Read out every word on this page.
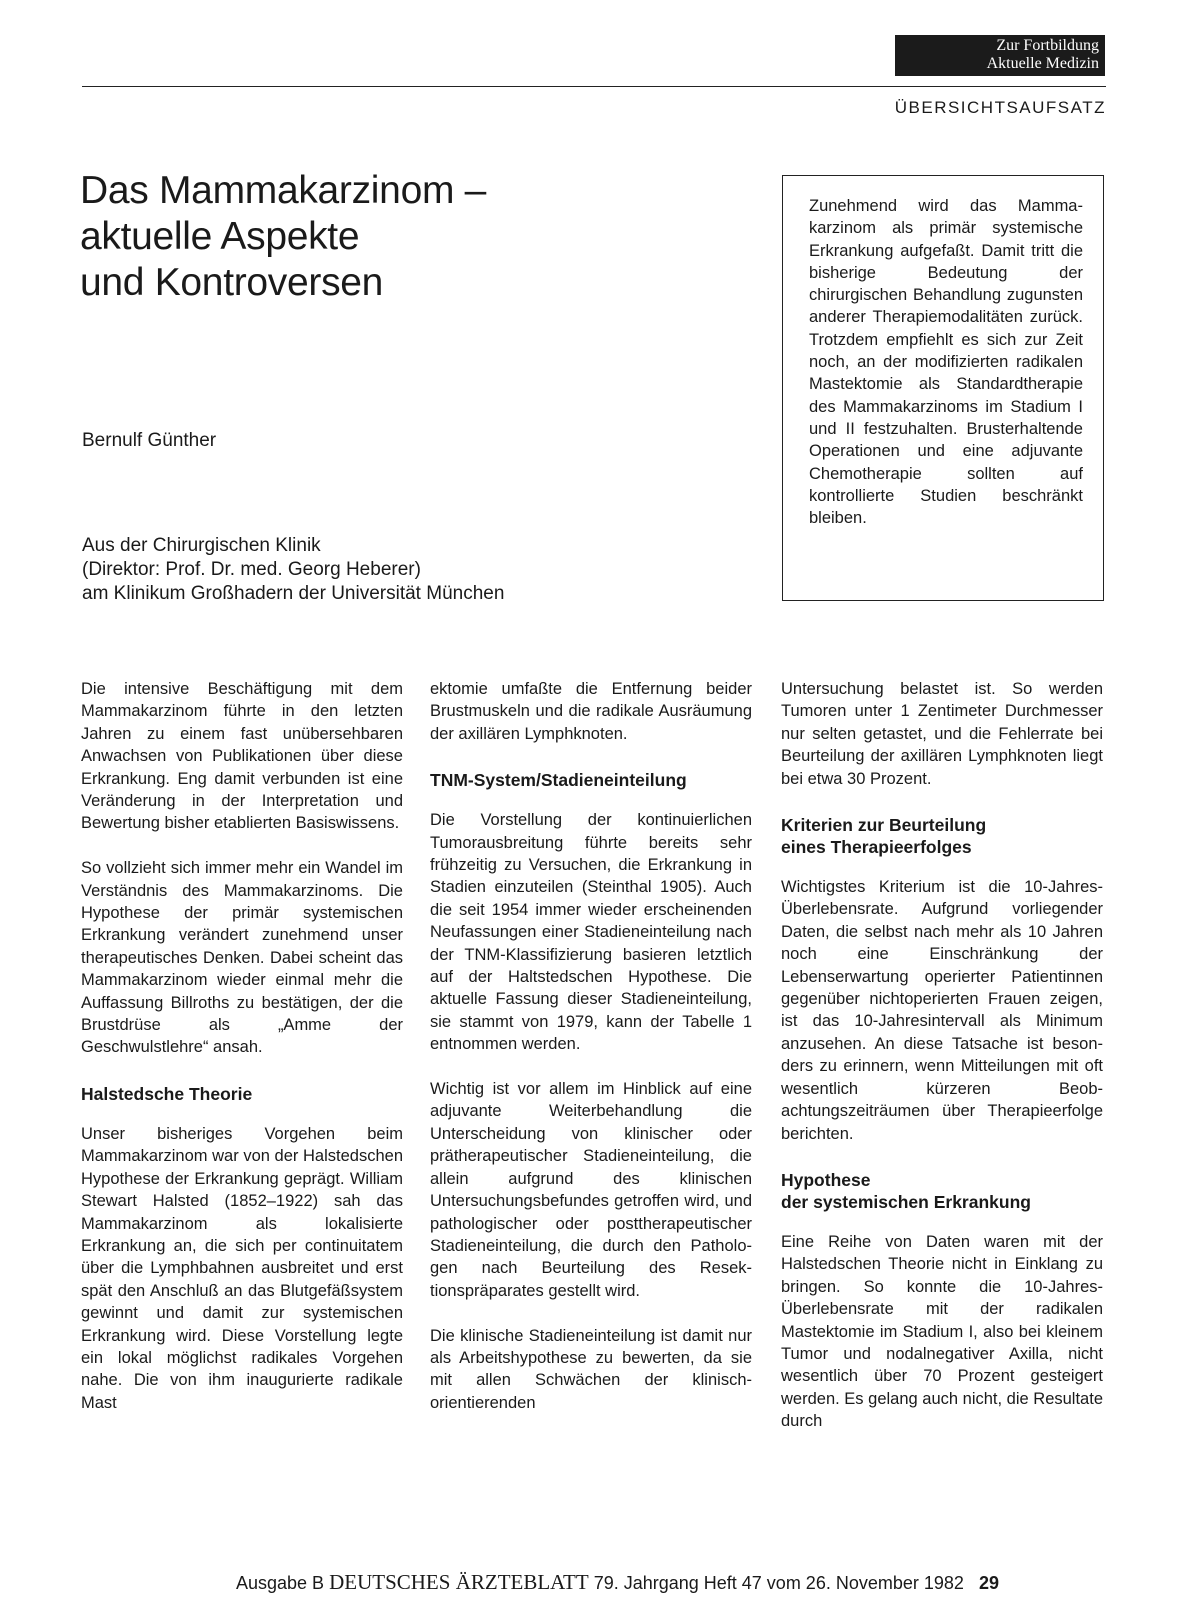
Zur Fortbildung
Aktuelle Medizin
ÜBERSICHTSAUFSATZ
Das Mammakarzinom –
aktuelle Aspekte
und Kontroversen
Bernulf Günther
Aus der Chirurgischen Klinik
(Direktor: Prof. Dr. med. Georg Heberer)
am Klinikum Großhadern der Universität München

Zunehmend wird das Mammakarzinom als primär systemische Erkrankung aufgefaßt. Damit tritt die bisherige Bedeutung der chirurgischen Behandlung zugunsten anderer Therapiemodalitäten zurück. Trotzdem empfiehlt es sich zur Zeit noch, an der modifizierten radikalen Mastektomie als Standardtherapie des Mammakarzinoms im Stadium I und II festzuhalten. Brusterhaltende Operationen und eine adjuvante Chemotherapie sollten auf kontrollierte Studien beschränkt bleiben.

Die intensive Beschäftigung mit dem Mammakarzinom führte in den letzten Jahren zu einem fast unübersehbaren Anwachsen von Publikationen über diese Erkrankung. Eng damit verbunden ist eine Veränderung in der Interpretation und Bewertung bisher etablierten Basiswissens.

So vollzieht sich immer mehr ein Wandel im Verständnis des Mammakarzinoms. Die Hypothese der primär systemischen Erkrankung verändert zunehmend unser therapeutisches Denken. Dabei scheint das Mammakarzinom wieder einmal mehr die Auffassung Billroths zu bestätigen, der die Brustdrüse als „Amme der Geschwulstlehre“ ansah.

Halstedsche Theorie

Unser bisheriges Vorgehen beim Mammakarzinom war von der Halstedschen Hypothese der Erkrankung geprägt. William Stewart Halsted (1852–1922) sah das Mammakarzinom als lokalisierte Erkrankung an, die sich per continuitatem über die Lymphbahnen ausbreitet und erst spät den Anschluß an das Blutgefäßsystem gewinnt und damit zur systemischen Erkrankung wird. Diese Vorstellung legte ein lokal möglichst radikales Vorgehen nahe. Die von ihm inaugurierte radikale Mast

ektomie umfaßte die Entfernung beider Brustmuskeln und die radikale Ausräumung der axillären Lymphknoten.

TNM-System/Stadieneinteilung

Die Vorstellung der kontinuierlichen Tumorausbreitung führte bereits sehr frühzeitig zu Versuchen, die Erkrankung in Stadien einzuteilen (Steinthal 1905). Auch die seit 1954 immer wieder erscheinenden Neufassungen einer Stadieneinteilung nach der TNM-Klassifizierung basieren letztlich auf der Haltstedschen Hypothese. Die aktuelle Fassung dieser Stadieneinteilung, sie stammt von 1979, kann der Tabelle 1 entnommen werden.

Wichtig ist vor allem im Hinblick auf eine adjuvante Weiterbehandlung die Unterscheidung von klinischer oder prätherapeutischer Stadieneinteilung, die allein aufgrund des klinischen Untersuchungsbefundes getroffen wird, und pathologischer oder posttherapeutischer Stadieneinteilung, die durch den Pathologen nach Beurteilung des Resektionspräparates gestellt wird.

Die klinische Stadieneinteilung ist damit nur als Arbeitshypothese zu bewerten, da sie mit allen Schwächen der klinisch-orientierenden

Untersuchung belastet ist. So werden Tumoren unter 1 Zentimeter Durchmesser nur selten getastet, und die Fehlerrate bei Beurteilung der axillären Lymphknoten liegt bei etwa 30 Prozent.

Kriterien zur Beurteilung
eines Therapieerfolges

Wichtigstes Kriterium ist die 10-Jahres-Überlebensrate. Aufgrund vorliegender Daten, die selbst nach mehr als 10 Jahren noch eine Einschränkung der Lebenserwartung operierter Patientinnen gegenüber nichtoperierten Frauen zeigen, ist das 10-Jahresintervall als Minimum anzusehen. An diese Tatsache ist besonders zu erinnern, wenn Mitteilungen mit oft wesentlich kürzeren Beobachtungszeiträumen über Therapieerfolge berichten.

Hypothese
der systemischen Erkrankung

Eine Reihe von Daten waren mit der Halstedschen Theorie nicht in Einklang zu bringen. So konnte die 10-Jahres-Überlebensrate mit der radikalen Mastektomie im Stadium I, also bei kleinem Tumor und nodalnegativer Axilla, nicht wesentlich über 70 Prozent gesteigert werden. Es gelang auch nicht, die Resultate durch

Ausgabe B DEUTSCHES ÄRZTEBLATT 79. Jahrgang Heft 47 vom 26. November 1982 29
